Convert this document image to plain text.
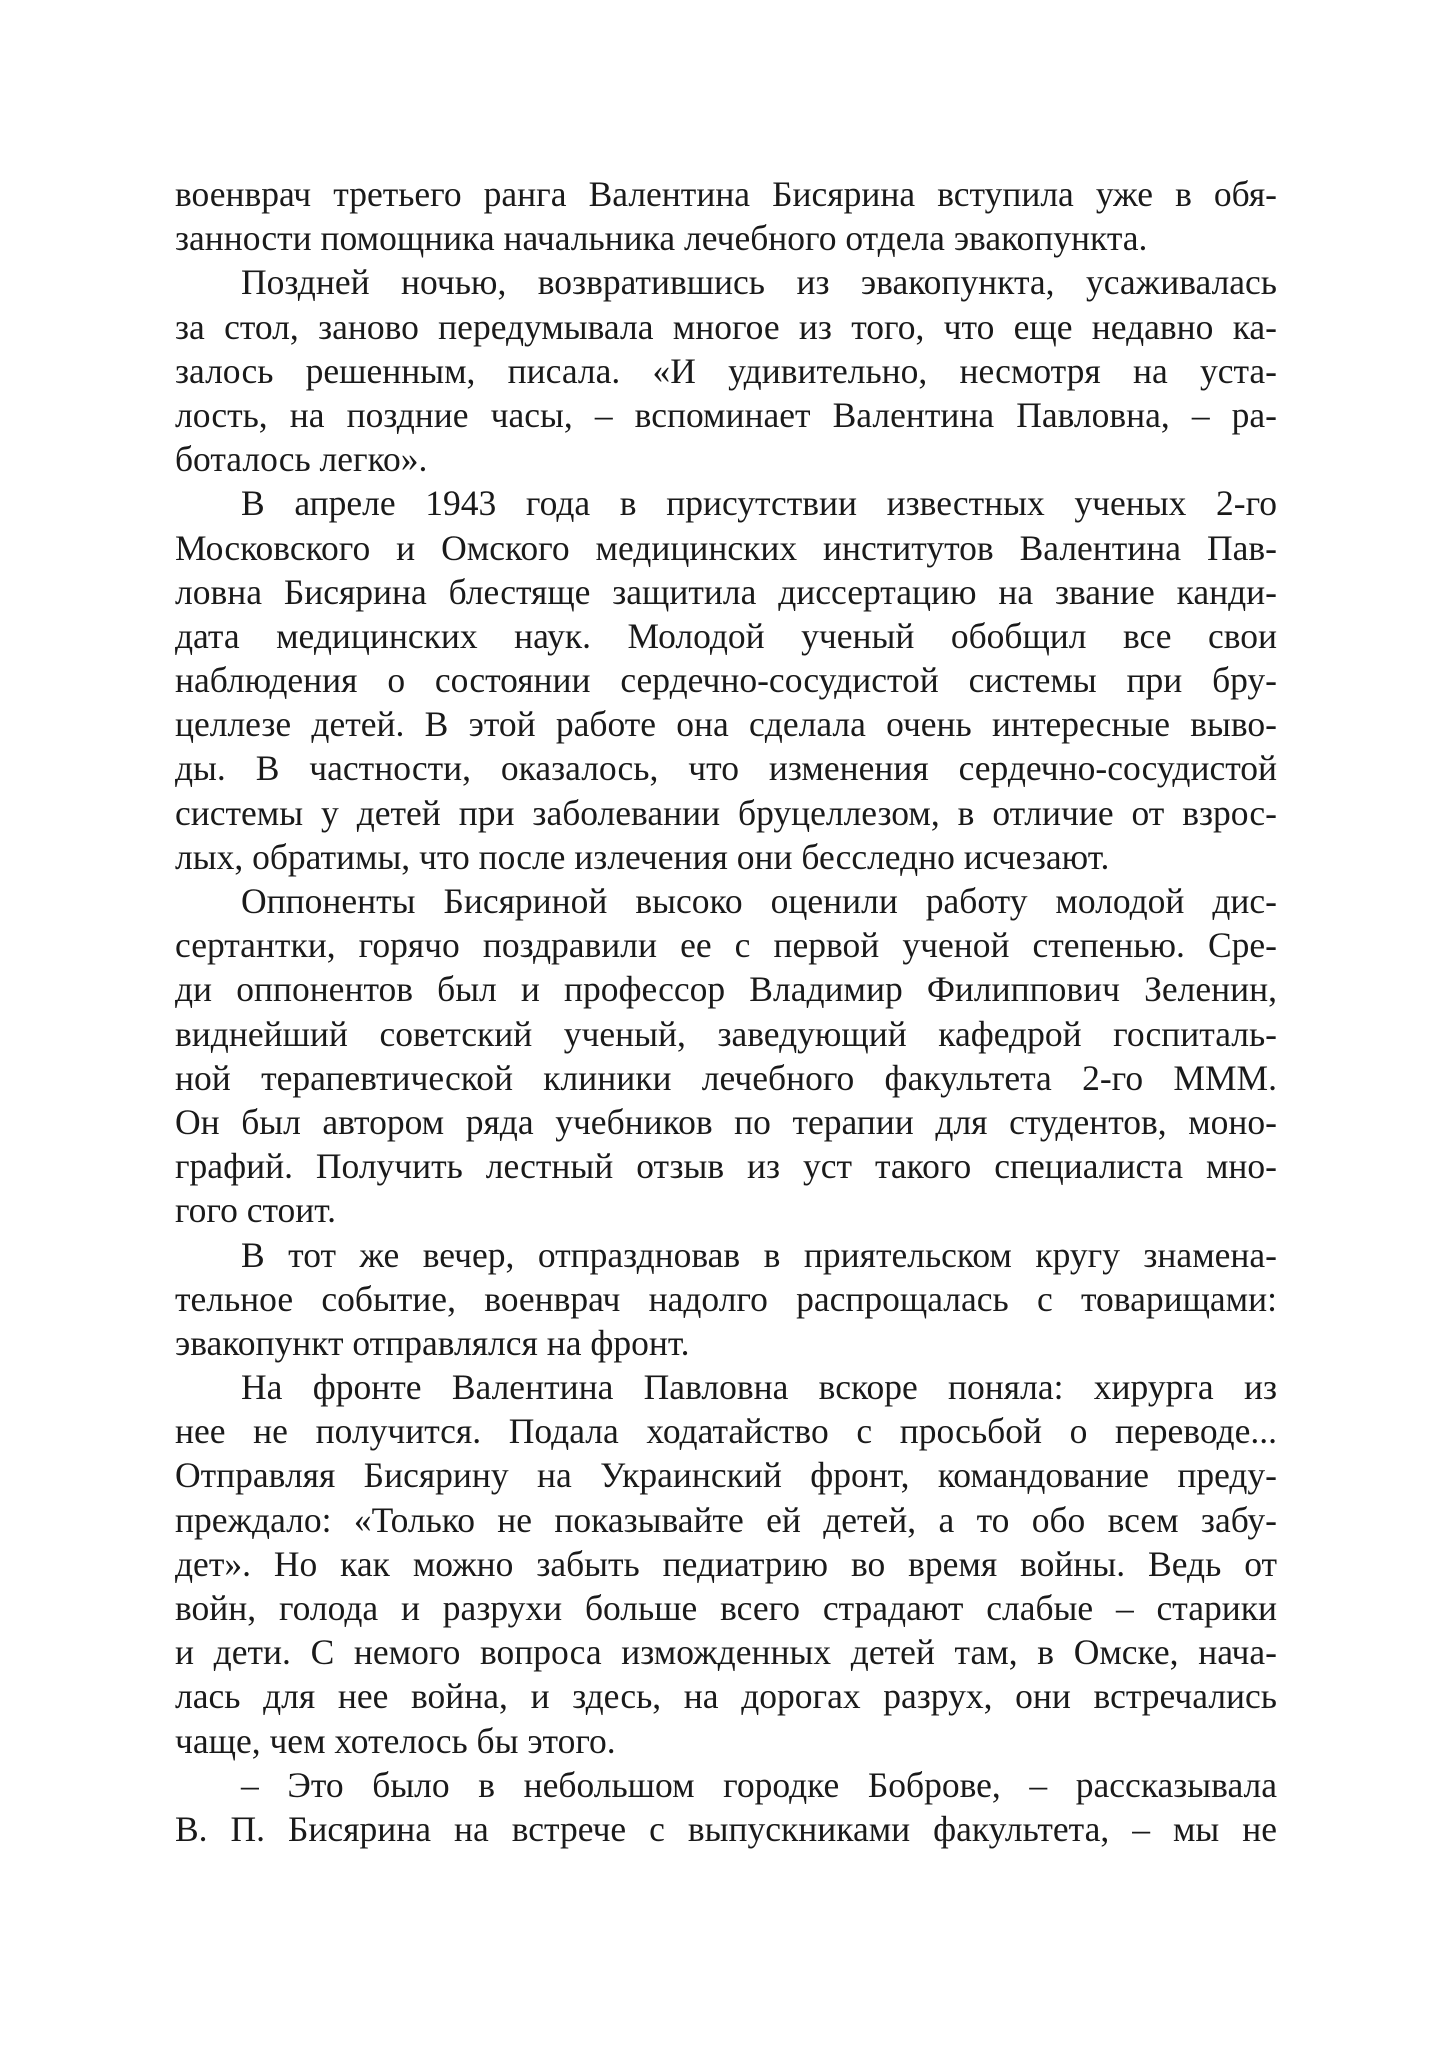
военврач третьего ранга Валентина Бисярина вступила уже в обя-
занности помощника начальника лечебного отдела эвакопункта.
Поздней ночью, возвратившись из эвакопункта, усаживалась
за стол, заново передумывала многое из того, что еще недавно ка-
залось решенным, писала. «И удивительно, несмотря на уста-
лость, на поздние часы, – вспоминает Валентина Павловна, – ра-
боталось легко».
В апреле 1943 года в присутствии известных ученых 2-го
Московского и Омского медицинских институтов Валентина Пав-
ловна Бисярина блестяще защитила диссертацию на звание канди-
дата медицинских наук. Молодой ученый обобщил все свои
наблюдения о состоянии сердечно-сосудистой системы при бру-
целлезе детей. В этой работе она сделала очень интересные выво-
ды. В частности, оказалось, что изменения сердечно-сосудистой
системы у детей при заболевании бруцеллезом, в отличие от взрос-
лых, обратимы, что после излечения они бесследно исчезают.
Оппоненты Бисяриной высоко оценили работу молодой дис-
сертантки, горячо поздравили ее с первой ученой степенью. Сре-
ди оппонентов был и профессор Владимир Филиппович Зеленин,
виднейший советский ученый, заведующий кафедрой госпиталь-
ной терапевтической клиники лечебного факультета 2-го МММ.
Он был автором ряда учебников по терапии для студентов, моно-
графий. Получить лестный отзыв из уст такого специалиста мно-
гого стоит.
В тот же вечер, отпраздновав в приятельском кругу знамена-
тельное событие, военврач надолго распрощалась с товарищами:
эвакопункт отправлялся на фронт.
На фронте Валентина Павловна вскоре поняла: хирурга из
нее не получится. Подала ходатайство с просьбой о переводе...
Отправляя Бисярину на Украинский фронт, командование преду-
преждало: «Только не показывайте ей детей, а то обо всем забу-
дет». Но как можно забыть педиатрию во время войны. Ведь от
войн, голода и разрухи больше всего страдают слабые – старики
и дети. С немого вопроса изможденных детей там, в Омске, нача-
лась для нее война, и здесь, на дорогах разрух, они встречались
чаще, чем хотелось бы этого.
– Это было в небольшом городке Боброве, – рассказывала
В. П. Бисярина на встрече с выпускниками факультета, – мы не
